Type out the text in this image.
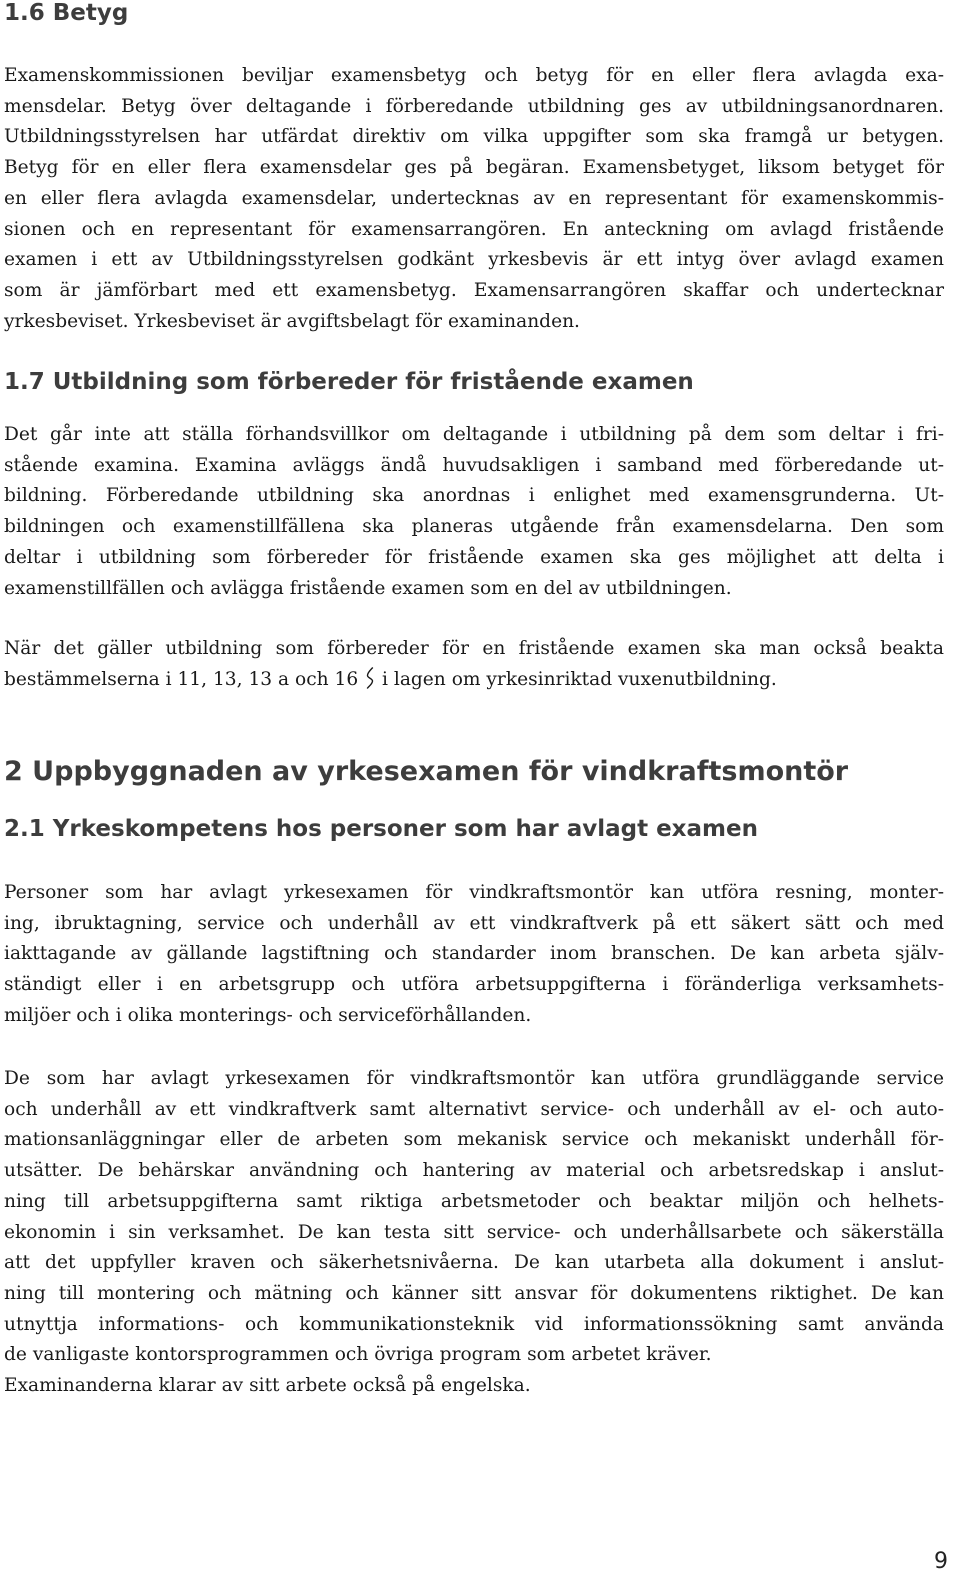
1.6 Betyg
Examenskommissionen beviljar examensbetyg och betyg för en eller flera avlagda exa-
mensdelar. Betyg över deltagande i förberedande utbildning ges av utbildningsanordnaren.
Utbildningsstyrelsen har utfärdat direktiv om vilka uppgifter som ska framgå ur betygen.
Betyg för en eller flera examensdelar ges på begäran. Examensbetyget, liksom betyget för
en eller flera avlagda examensdelar, undertecknas av en representant för examenskommis-
sionen och en representant för examensarrangören. En anteckning om avlagd fristående
examen i ett av Utbildningsstyrelsen godkänt yrkesbevis är ett intyg över avlagd examen
som är jämförbart med ett examensbetyg. Examensarrangören skaffar och undertecknar
yrkesbeviset. Yrkesbeviset är avgiftsbelagt för examinanden.
1.7 Utbildning som förbereder för fristående examen
Det går inte att ställa förhandsvillkor om deltagande i utbildning på dem som deltar i fri-
stående examina. Examina avläggs ändå huvudsakligen i samband med förberedande ut-
bildning. Förberedande utbildning ska anordnas i enlighet med examensgrunderna. Ut-
bildningen och examenstillfällena ska planeras utgående från examensdelarna. Den som
deltar i utbildning som förbereder för fristående examen ska ges möjlighet att delta i
examenstillfällen och avlägga fristående examen som en del av utbildningen.
När det gäller utbildning som förbereder för en fristående examen ska man också beakta
bestämmelserna i 11, 13, 13 a och 16 i lagen om yrkesinriktad vuxenutbildning.
2 Uppbyggnaden av yrkesexamen för vindkraftsmontör
2.1 Yrkeskompetens hos personer som har avlagt examen
Personer som har avlagt yrkesexamen för vindkraftsmontör kan utföra resning, monter-
ing, ibruktagning, service och underhåll av ett vindkraftverk på ett säkert sätt och med
iakttagande av gällande lagstiftning och standarder inom branschen. De kan arbeta själv-
ständigt eller i en arbetsgrupp och utföra arbetsuppgifterna i föränderliga verksamhets-
miljöer och i olika monterings- och serviceförhållanden.
De som har avlagt yrkesexamen för vindkraftsmontör kan utföra grundläggande service
och underhåll av ett vindkraftverk samt alternativt service- och underhåll av el- och auto-
mationsanläggningar eller de arbeten som mekanisk service och mekaniskt underhåll för-
utsätter. De behärskar användning och hantering av material och arbetsredskap i anslut-
ning till arbetsuppgifterna samt riktiga arbetsmetoder och beaktar miljön och helhets-
ekonomin i sin verksamhet. De kan testa sitt service- och underhållsarbete och säkerställa
att det uppfyller kraven och säkerhetsnivåerna. De kan utarbeta alla dokument i anslut-
ning till montering och mätning och känner sitt ansvar för dokumentens riktighet. De kan
utnyttja informations- och kommunikationsteknik vid informationssökning samt använda
de vanligaste kontorsprogrammen och övriga program som arbetet kräver.
Examinanderna klarar av sitt arbete också på engelska.
9
